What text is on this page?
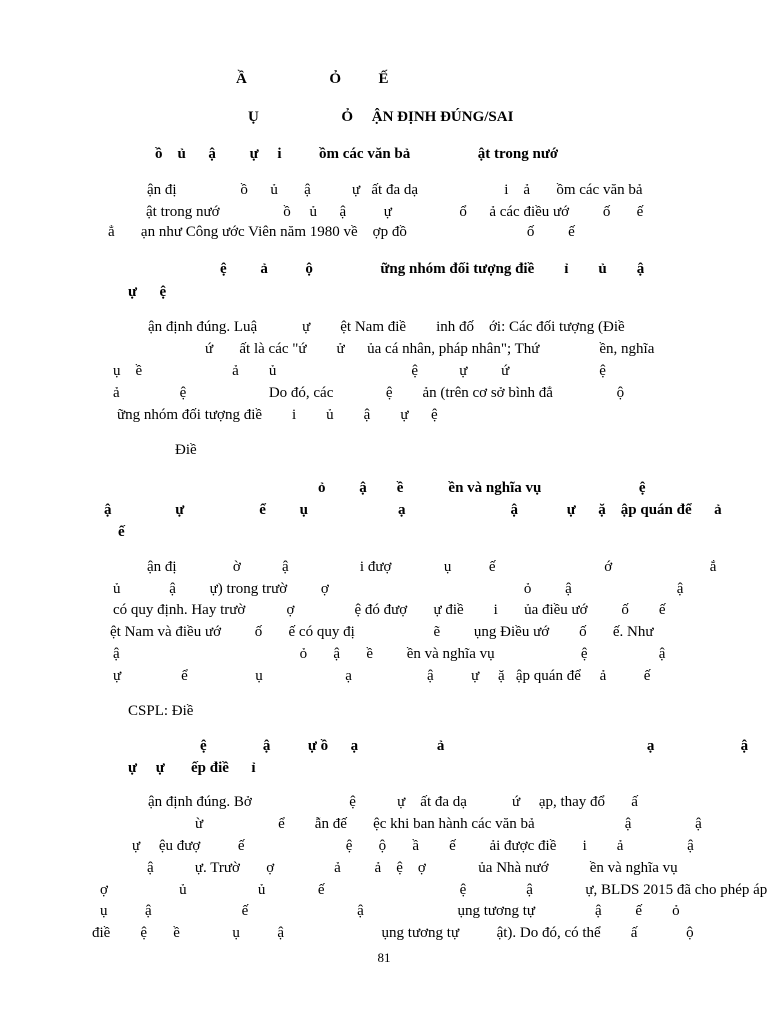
Ầ                      Ỏ          Ế
Ụ                      Ỏ     ẬN ĐỊNH ĐÚNG/SAI
ồ    ủ      ậ         ự     i          ồm các văn bả                  ật trong nướ
ận đị                 ồ      ủ       ậ           ự   ất đa dạ                       i    ả       ồm các văn bả
ật trong nướ                 ồ     ủ      ậ          ự                  ổ      ả các điều ướ         ố       ế
ẳ       ạn như Công ước Viên năm 1980 về    ợp đồ                                ố         ế
ệ         ả          ộ                  ững nhóm đối tượng điề        ỉ        ủ        ậ
ự      ệ
ận định đúng. Luậ            ự        ệt Nam điề        inh đố    ới: Các đối tượng (Điề
ứ       ất là các "ứ        ử      ủa cá nhân, pháp nhân"; Thứ                ền, nghĩa
ụ    ề                        ả        ủ                                    ệ           ự         ứ                        ệ
ả                ệ                      Do đó, các              ệ        ản (trên cơ sở bình đẳ                 ộ
ững nhóm đối tượng điề        i        ủ        ậ        ự      ệ
Điề
ỏ         ậ        ề            ền và nghĩa vụ                          ệ
ậ                 ự                    ể         ụ                        ạ                            ậ             ự      ặ    ập quán để      ả
ế
ận đị               ờ           ậ                   i đượ              ụ          ế                             ớ                          ắ
ủ             ậ         ự) trong trườ         ợ                                                    ỏ         ậ                            ậ
có quy định. Hay trườ           ợ                ệ đó đượ       ự điề        i       ủa điều ướ         ố        ế
ệt Nam và điều ướ         ố       ế có quy đị                     ẽ         ụng Điều ướ        ố       ế. Như
ậ                                                ỏ       ậ       ề         ền và nghĩa vụ                       ệ                   ậ
ự                ể                  ụ                      ạ                    ậ          ự     ặ   ập quán để     ả          ế
CSPL: Điề
ệ               ậ          ự ồ      ạ                     ả                                                      ạ                       ậ
ự     ự       ếp điề      ỉ
ận định đúng. Bở                          ệ           ự    ất đa dạ            ứ     ạp, thay đổ       ấ
ừ                    ể        ẫn đế       ệc khi ban hành các văn bả                        ậ                 ậ
ự     ệu đượ          ế                           ệ       ộ       ầ        ế         ải được điề       i        ả                 ậ
ậ           ự. Trườ       ợ                ả         ả    ệ    ợ              ủa Nhà nướ           ền và nghĩa vụ
ợ                   ủ                   ủ              ế                                    ệ                ậ              ự, BLDS 2015 đã cho phép áp
ụ          ậ                        ế                             ậ                         ụng tương tự                ậ         ế        ỏ
điề        ệ       ề              ụ          ậ                          ụng tương tự          ật). Do đó, có thể        ấ             ộ
81
